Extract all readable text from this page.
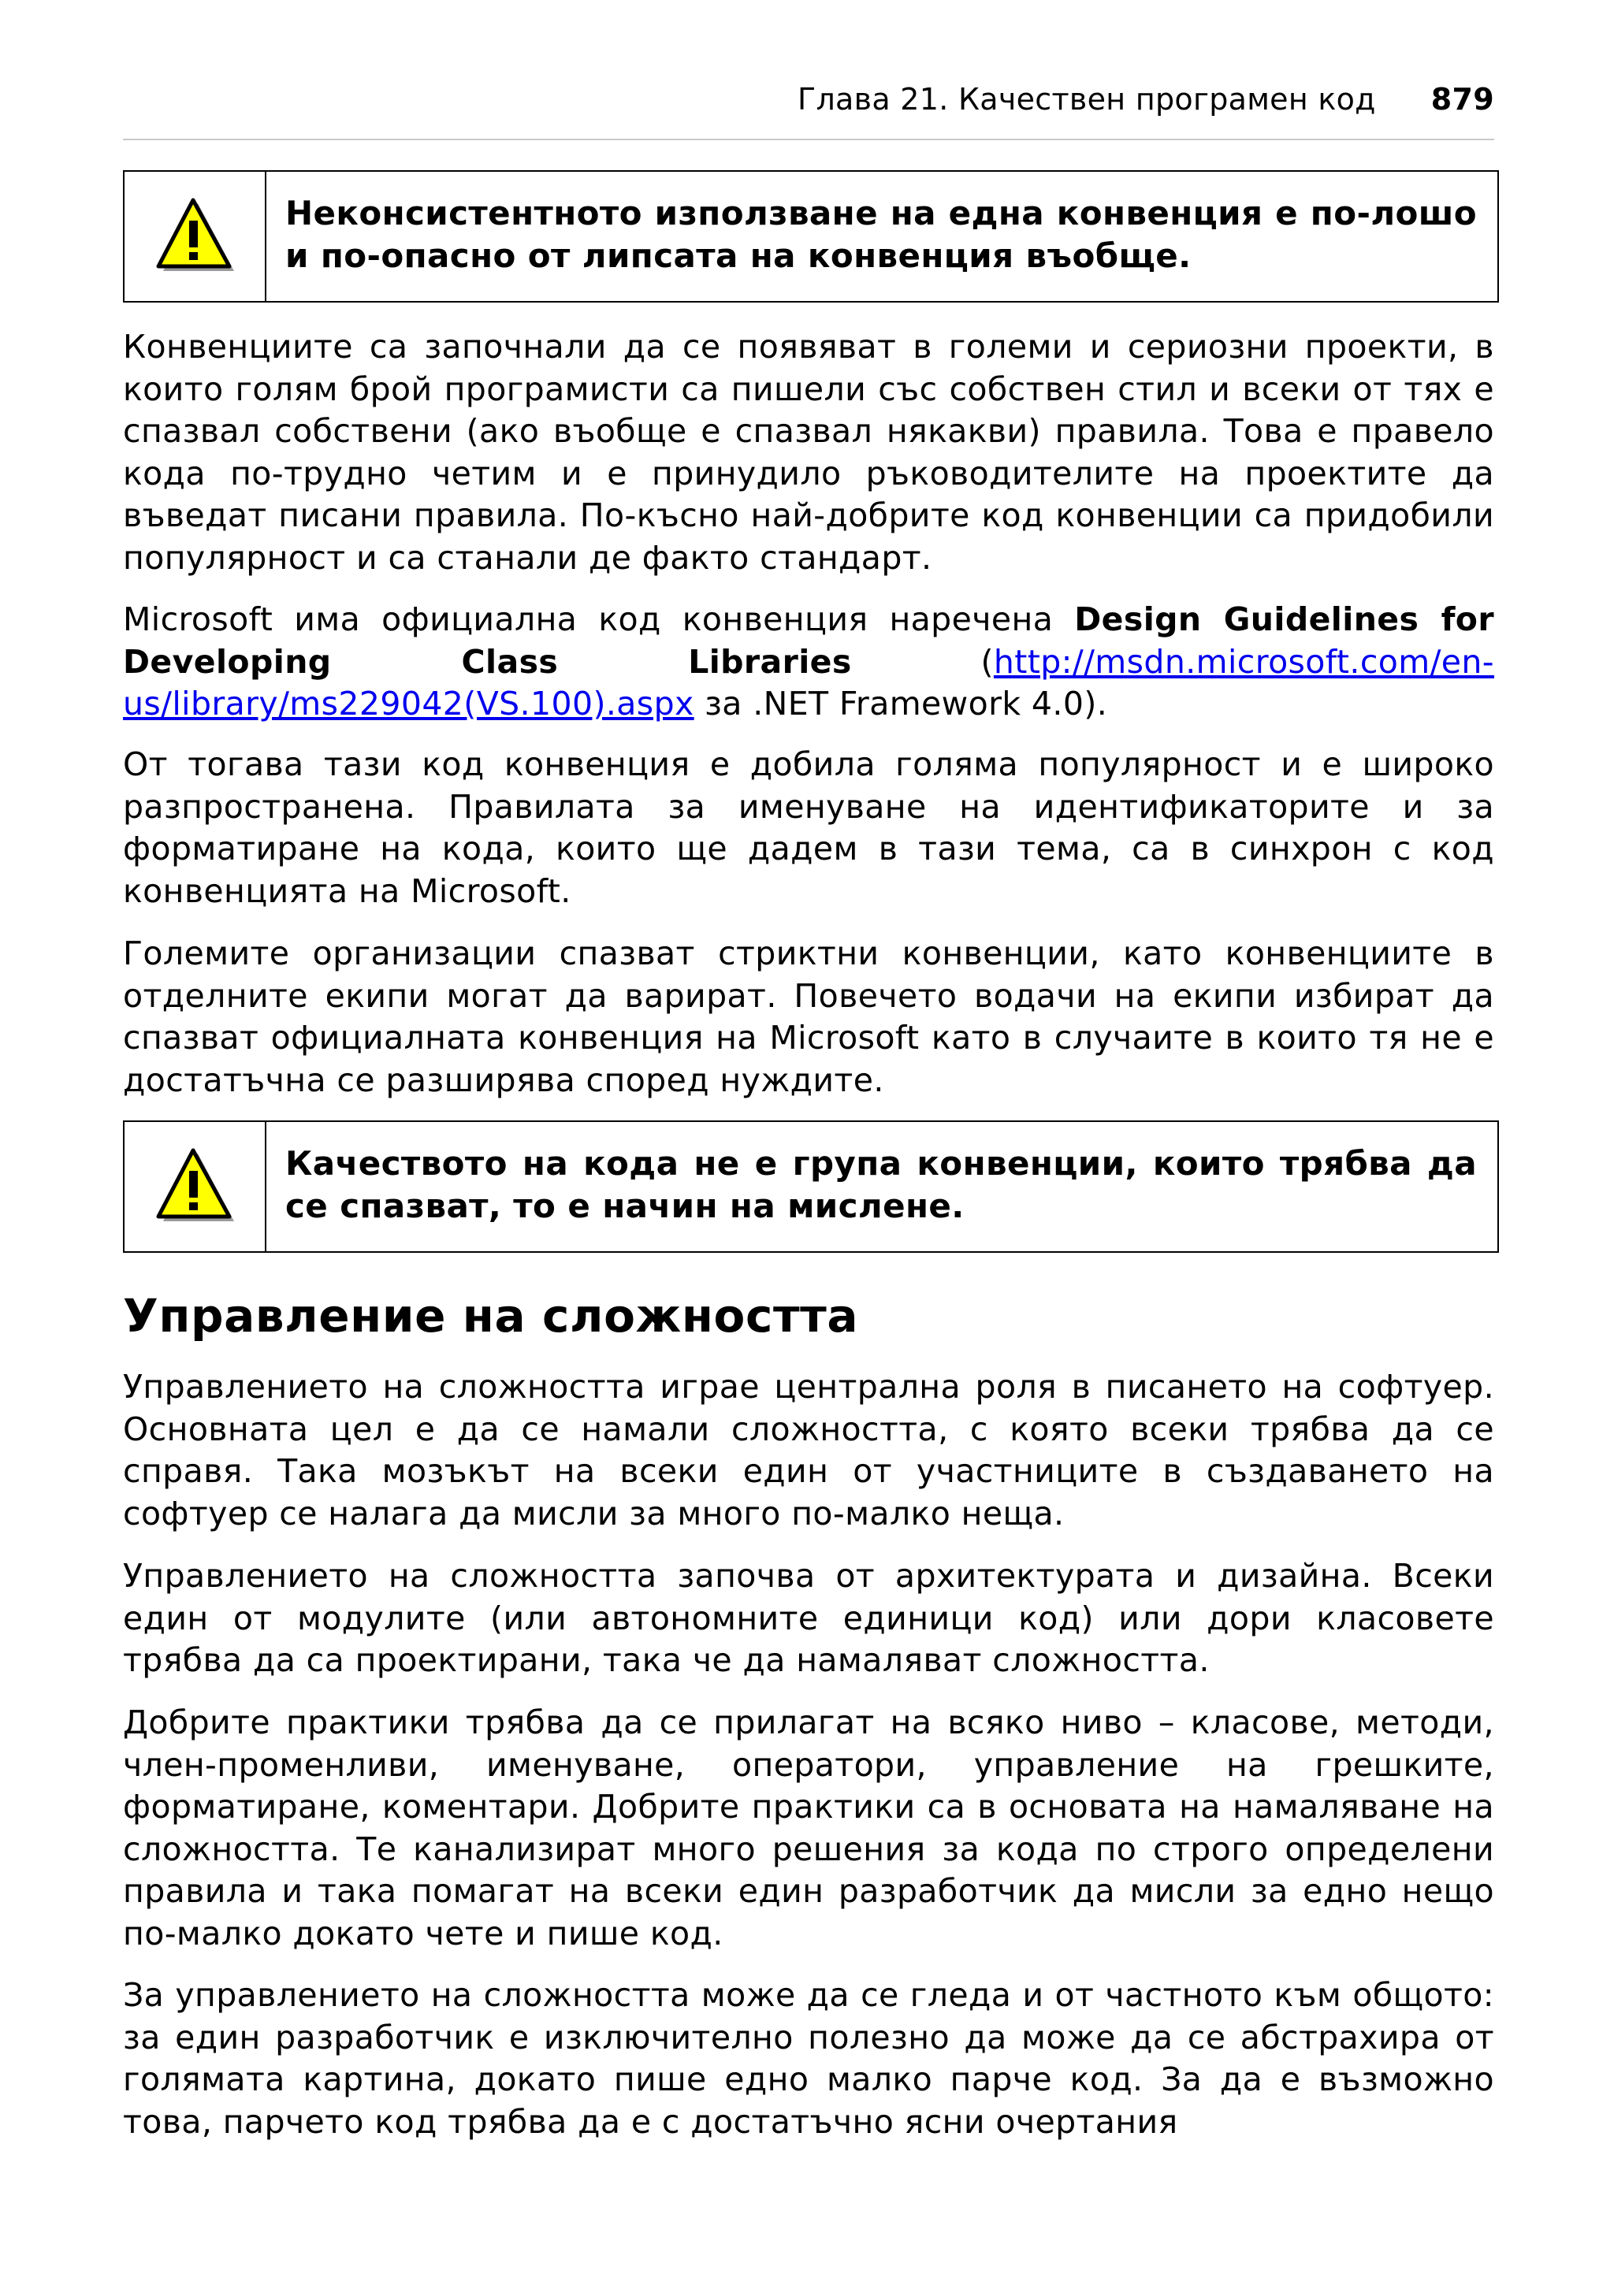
Глава 21. Качествен програмен код 879
Неконсистентното използване на една конвенция е по-лошо и по-опасно от липсата на конвенция въобще.

Конвенциите са започнали да се появяват в големи и сериозни проекти, в които голям брой програмисти са пишели със собствен стил и всеки от тях е спазвал собствени (ако въобще е спазвал някакви) правила. Това е правело кода по-трудно четим и е принудило ръководителите на проектите да въведат писани правила. По-късно най-добрите код конвенции са придобили популярност и са станали де факто стандарт.

Microsoft има официална код конвенция наречена Design Guidelines for Developing Class Libraries (http://msdn.microsoft.com/en-us/library/ms229042(VS.100).aspx за .NET Framework 4.0).

От тогава тази код конвенция е добила голяма популярност и е широко разпространена. Правилата за именуване на идентификаторите и за форматиране на кода, които ще дадем в тази тема, са в синхрон с код конвенцията на Microsoft.

Големите организации спазват стриктни конвенции, като конвенциите в отделните екипи могат да варират. Повечето водачи на екипи избират да спазват официалната конвенция на Microsoft като в случаите в които тя не е достатъчна се разширява според нуждите.

Качеството на кода не е група конвенции, които трябва да се спазват, то е начин на мислене.
Управление на сложността

Управлението на сложността играе централна роля в писането на софтуер. Основната цел е да се намали сложността, с която всеки трябва да се справя. Така мозъкът на всеки един от участниците в създаването на софтуер се налага да мисли за много по-малко неща.

Управлението на сложността започва от архитектурата и дизайна. Всеки един от модулите (или автономните единици код) или дори класовете трябва да са проектирани, така че да намаляват сложността.

Добрите практики трябва да се прилагат на всяко ниво – класове, методи, член-променливи, именуване, оператори, управление на грешките, форматиране, коментари. Добрите практики са в основата на намаляване на сложността. Те канализират много решения за кода по строго определени правила и така помагат на всеки един разработчик да мисли за едно нещо по-малко докато чете и пише код.

За управлението на сложността може да се гледа и от частното към общото: за един разработчик е изключително полезно да може да се абстрахира от голямата картина, докато пише едно малко парче код. За да е възможно това, парчето код трябва да е с достатъчно ясни очертания
